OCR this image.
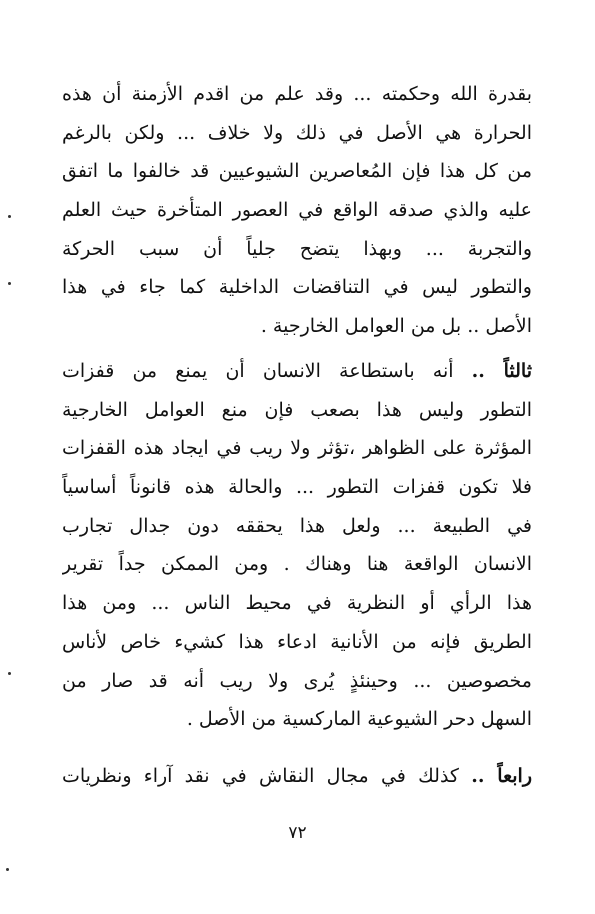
بقدرة الله وحكمته ... وقد علم من اقدم الأزمنة أن هذه
الحرارة هي الأصل في ذلك ولا خلاف ... ولكن بالرغم
من كل هذا فإن المُعاصرين الشيوعيين قد خالفوا ما اتفق
عليه والذي صدقه الواقع في العصور المتأخرة حيث العلم
والتجربة ... وبهذا يتضح جلياً أن سبب الحركة
والتطور ليس في التناقضات الداخلية كما جاء في هذا
الأصل .. بل من العوامل الخارجية .
ثالثاً .. أنه باستطاعة الانسان أن يمنع من قفزات
التطور وليس هذا بصعب فإن منع العوامل الخارجية
المؤثرة على الظواهر ،تؤثر ولا ريب في ايجاد هذه القفزات
فلا تكون قفزات التطور ... والحالة هذه قانوناً أساسياً
في الطبيعة ... ولعل هذا يحققه دون جدال تجارب
الانسان الواقعة هنا وهناك . ومن الممكن جداً تقرير
هذا الرأي أو النظرية في محيط الناس ... ومن هذا
الطريق فإنه من الأنانية ادعاء هذا كشيء خاص لأناس
مخصوصين ... وحينئذٍ يُرى ولا ريب أنه قد صار من
السهل دحر الشيوعية الماركسية من الأصل .
رابعاً .. كذلك في مجال النقاش في نقد آراء ونظريات
٧٢
